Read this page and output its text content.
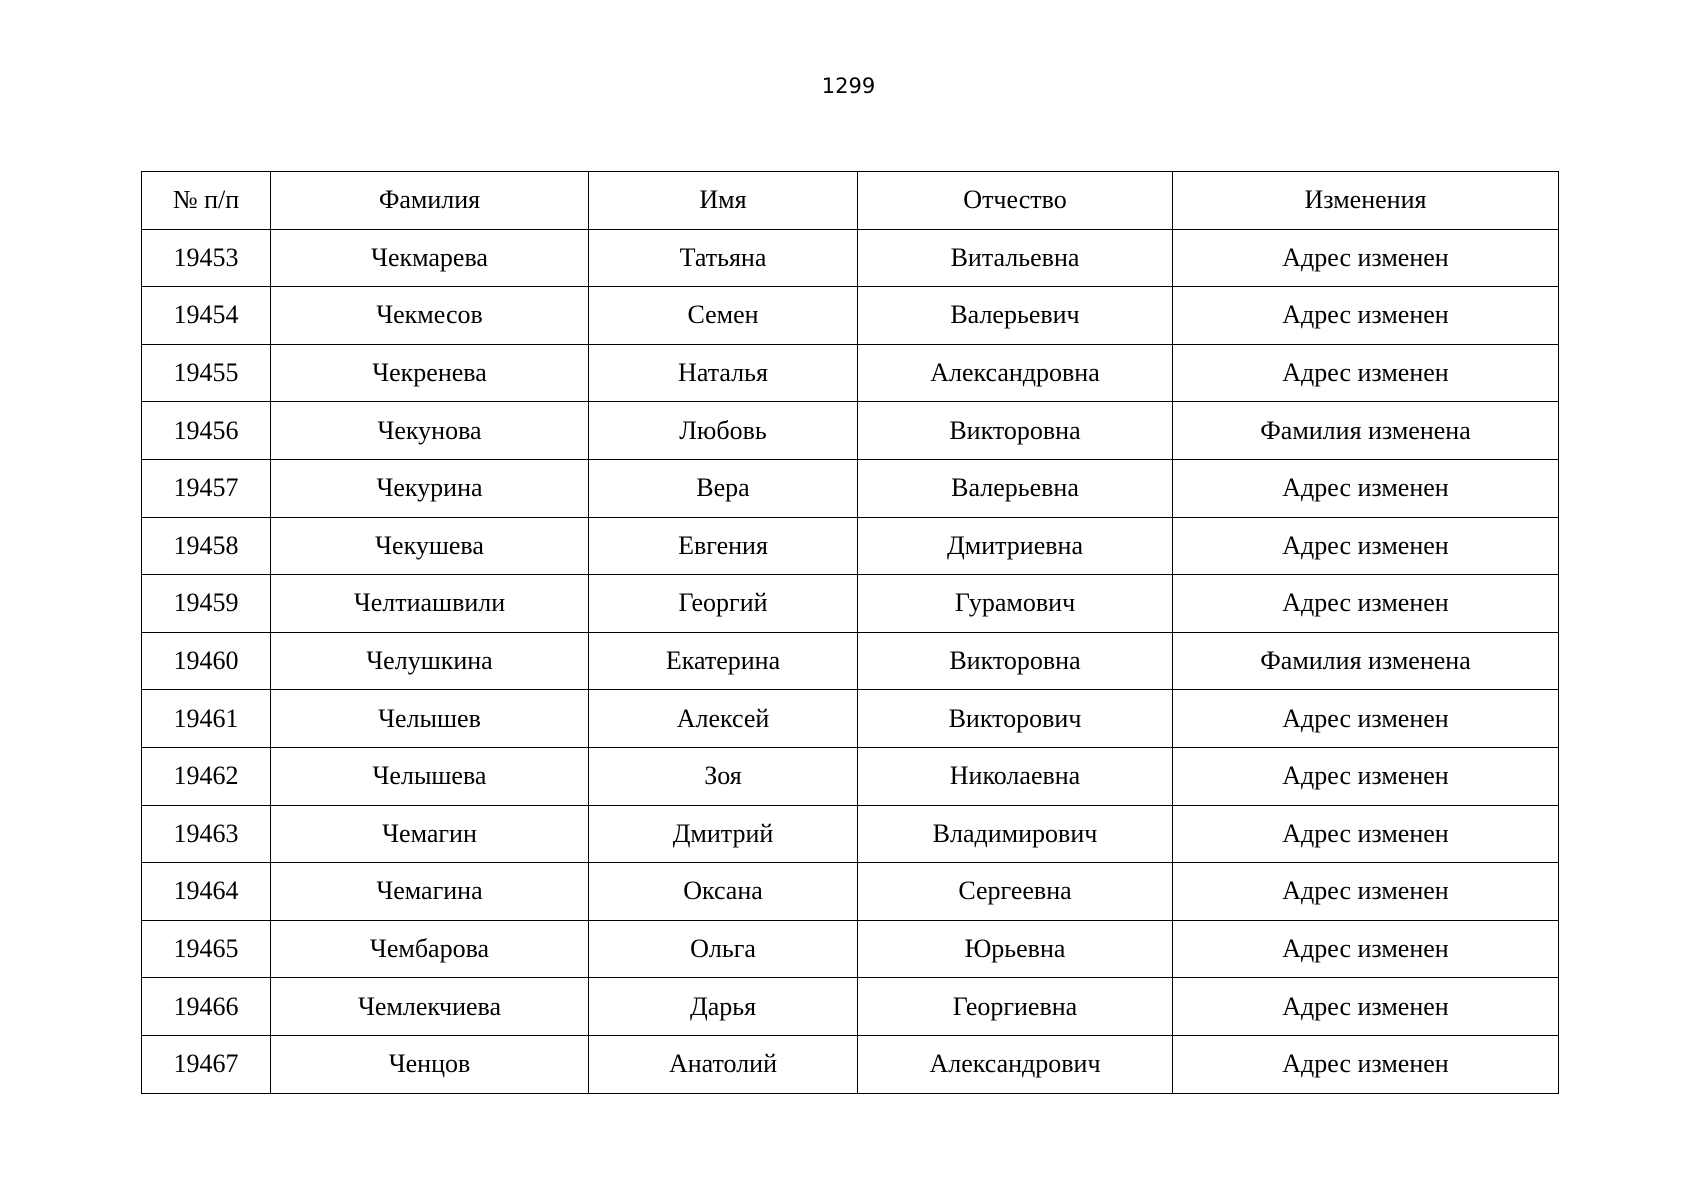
1299
№ п/п	Фамилия	Имя	Отчество	Изменения
19453	Чекмарева	Татьяна	Витальевна	Адрес изменен
19454	Чекмесов	Семен	Валерьевич	Адрес изменен
19455	Чекренева	Наталья	Александровна	Адрес изменен
19456	Чекунова	Любовь	Викторовна	Фамилия изменена
19457	Чекурина	Вера	Валерьевна	Адрес изменен
19458	Чекушева	Евгения	Дмитриевна	Адрес изменен
19459	Челтиашвили	Георгий	Гурамович	Адрес изменен
19460	Челушкина	Екатерина	Викторовна	Фамилия изменена
19461	Челышев	Алексей	Викторович	Адрес изменен
19462	Челышева	Зоя	Николаевна	Адрес изменен
19463	Чемагин	Дмитрий	Владимирович	Адрес изменен
19464	Чемагина	Оксана	Сергеевна	Адрес изменен
19465	Чембарова	Ольга	Юрьевна	Адрес изменен
19466	Чемлекчиева	Дарья	Георгиевна	Адрес изменен
19467	Ченцов	Анатолий	Александрович	Адрес изменен
